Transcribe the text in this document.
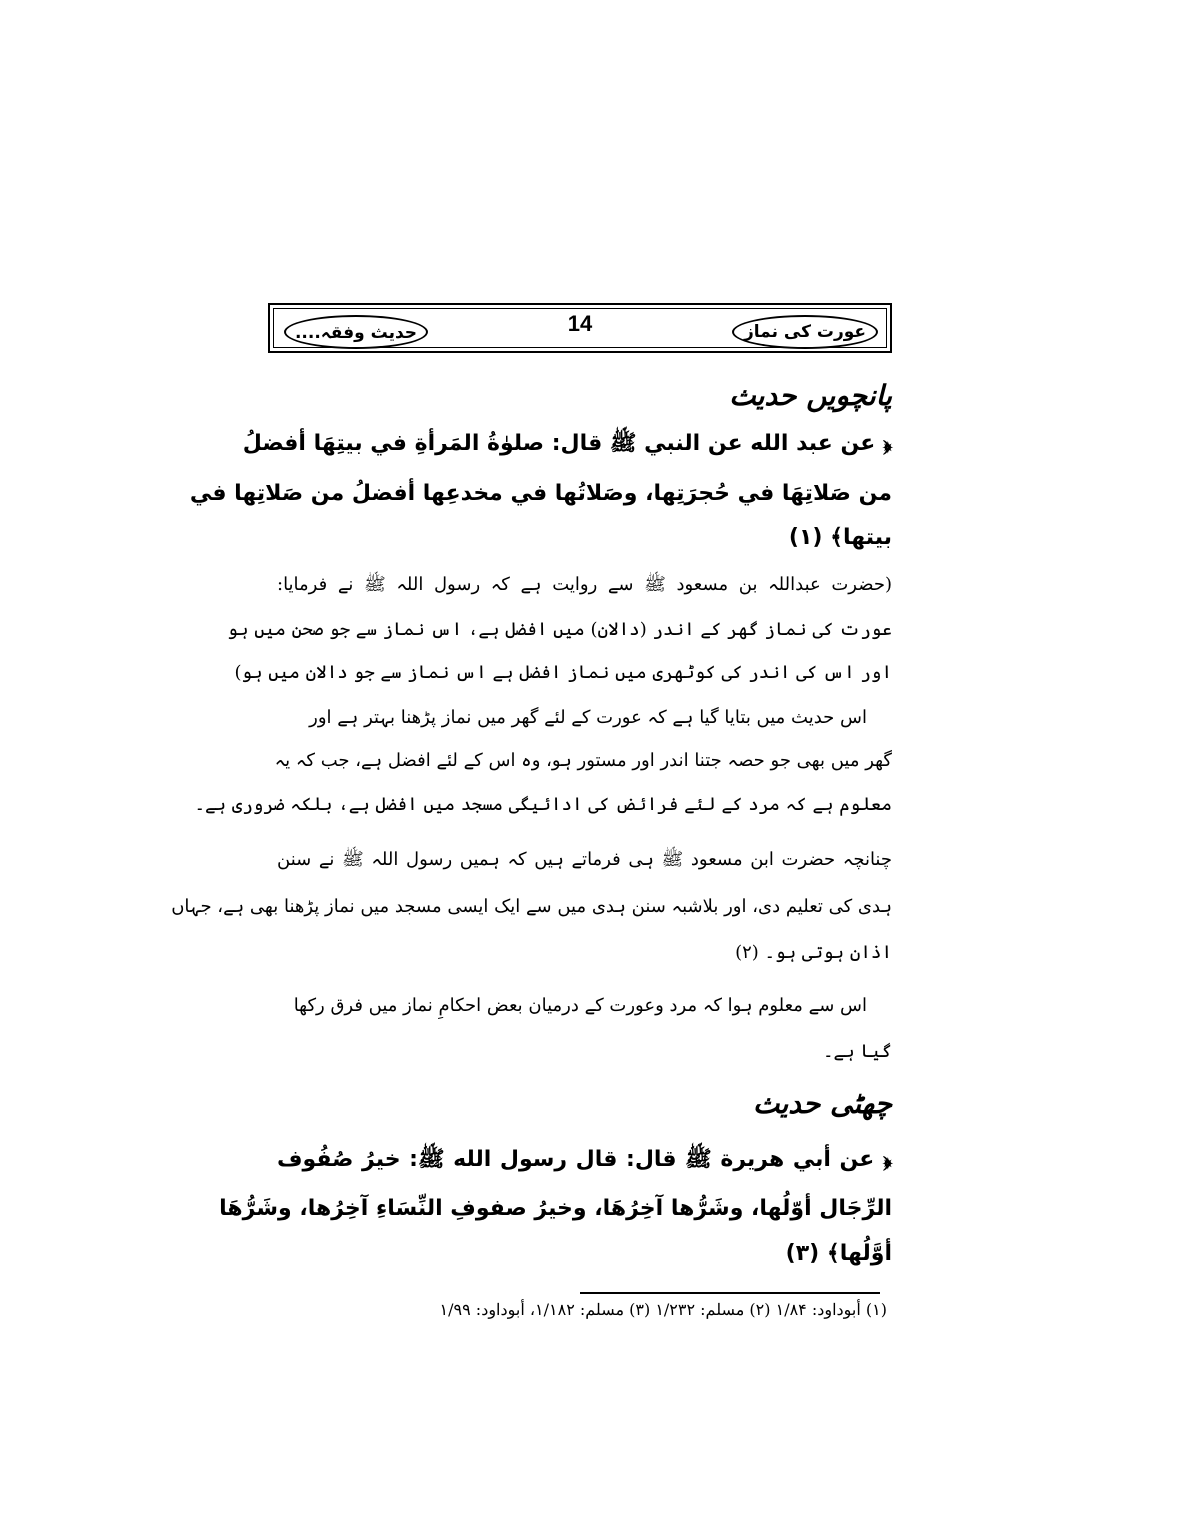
عورت کی نماز
14
حدیث وفقہ....
پانچویں حدیث
﴿ عن عبد الله عن النبي ﷺ قال: صلوٰةُ المَرأةِ في بيتِهَا أفضلُ
من صَلاتِهَا في حُجرَتِها، وصَلاتُها في مخدعِها أفضلُ من صَلاتِها في
بيتها﴾ (۱)
(حضرت عبداللہ بن مسعود ﷺ سے روایت ہے کہ رسول اللہ ﷺ نے فرمایا:
عورت کی نماز گھر کے اندر (دالان) میں افضل ہے، اس نماز سے جو صحن میں ہو
اور اس کی اندر کی کوٹھری میں نماز افضل ہے اس نماز سے جو دالان میں ہو)
اس حدیث میں بتایا گیا ہے کہ عورت کے لئے گھر میں نماز پڑھنا بہتر ہے اور
گھر میں بھی جو حصہ جتنا اندر اور مستور ہو، وہ اس کے لئے افضل ہے، جب کہ یہ
معلوم ہے کہ مرد کے لئے فرائض کی ادائیگی مسجد میں افضل ہے، بلکہ ضروری ہے۔
چنانچہ حضرت ابن مسعود ﷺ ہی فرماتے ہیں کہ ہمیں رسول اللہ ﷺ نے سنن
ہدی کی تعلیم دی، اور بلاشبہ سنن ہدی میں سے ایک ایسی مسجد میں نماز پڑھنا بھی ہے، جہاں
اذان ہوتی ہو۔ (۲)
اس سے معلوم ہوا کہ مرد وعورت کے درمیان بعض احکامِ نماز میں فرق رکھا
گیا ہے۔
چھٹی حدیث
﴿ عن أبي هريرة ﷺ قال: قال رسول الله ﷺ: خيرُ صُفُوف
الرِّجَال أوّلُها، وشَرُّها آخِرُهَا، وخيرُ صفوفِ النِّسَاءِ آخِرُها، وشَرُّهَا
أوَّلُها﴾ (۳)
(۱) أبوداود: ۱/۸۴ (۲) مسلم: ۱/۲۳۲ (۳) مسلم: ۱/۱۸۲، أبوداود: ۱/۹۹
